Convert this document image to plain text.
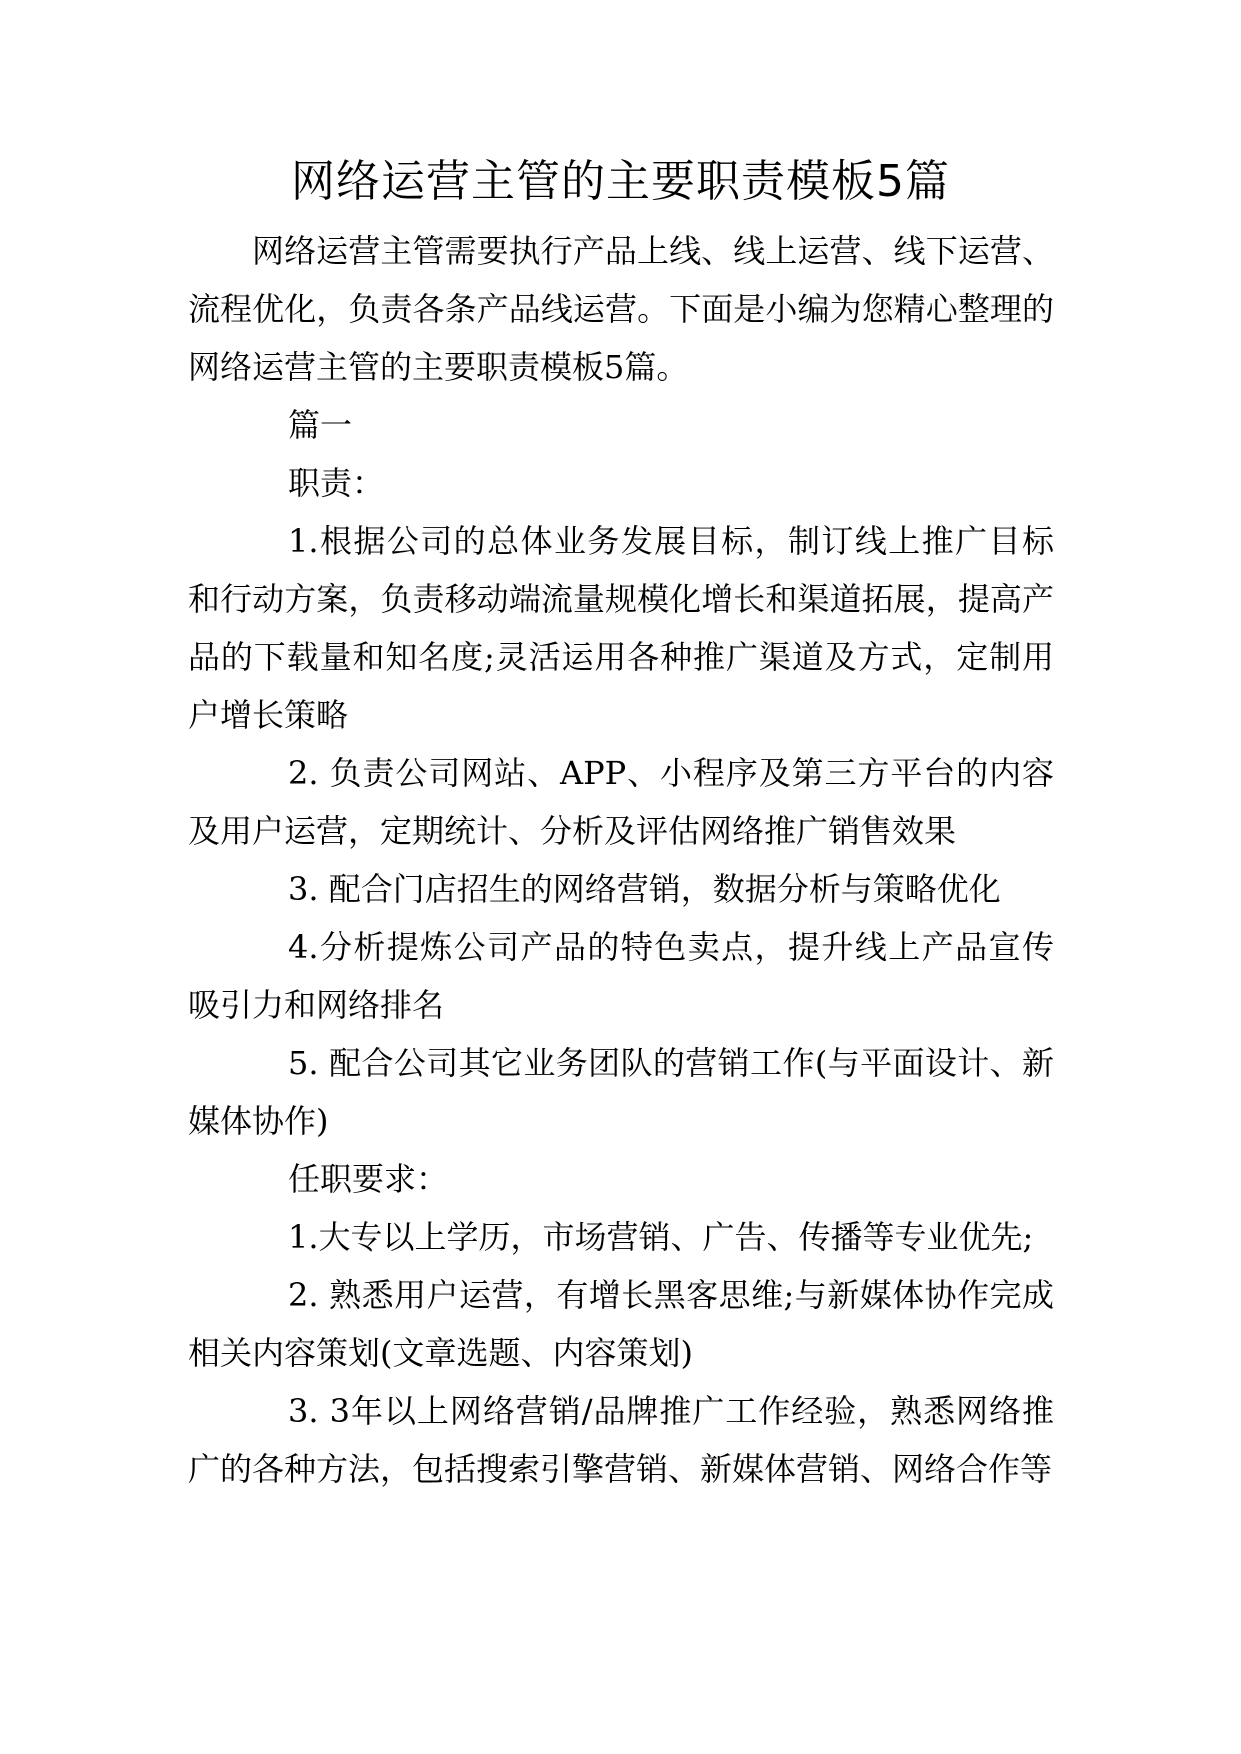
网络运营主管的主要职责模板5篇

网络运营主管需要执行产品上线、线上运营、线下运营、流程优化，负责各条产品线运营。下面是小编为您精心整理的网络运营主管的主要职责模板5篇。

篇一

职责：

1.根据公司的总体业务发展目标，制订线上推广目标和行动方案，负责移动端流量规模化增长和渠道拓展，提高产品的下载量和知名度;灵活运用各种推广渠道及方式，定制用户增长策略

2. 负责公司网站、APP、小程序及第三方平台的内容及用户运营，定期统计、分析及评估网络推广销售效果

3. 配合门店招生的网络营销，数据分析与策略优化

4.分析提炼公司产品的特色卖点，提升线上产品宣传吸引力和网络排名

5. 配合公司其它业务团队的营销工作(与平面设计、新媒体协作)

任职要求：

1.大专以上学历，市场营销、广告、传播等专业优先;

2. 熟悉用户运营，有增长黑客思维;与新媒体协作完成相关内容策划(文章选题、内容策划)

3. 3年以上网络营销/品牌推广工作经验，熟悉网络推广的各种方法，包括搜索引擎营销、新媒体营销、网络合作等
